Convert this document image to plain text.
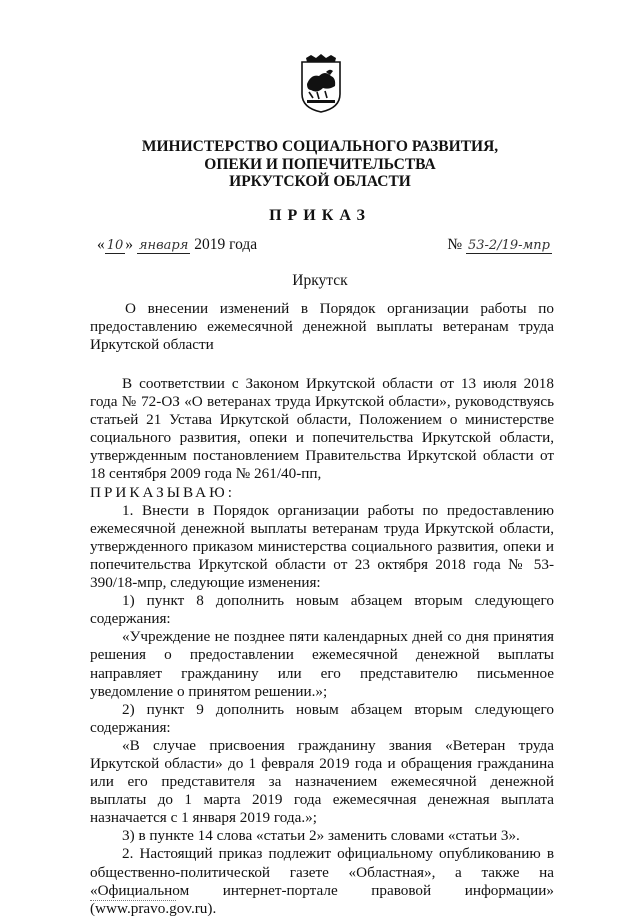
МИНИСТЕРСТВО СОЦИАЛЬНОГО РАЗВИТИЯ,
ОПЕКИ И ПОПЕЧИТЕЛЬСТВА
ИРКУТСКОЙ ОБЛАСТИ
ПРИКАЗ
« 10 » января 2019 года	№ 53-2/19-мпр
Иркутск

О внесении изменений в Порядок организации работы по предоставлению ежемесячной денежной выплаты ветеранам труда Иркутской области

В соответствии с Законом Иркутской области от 13 июля 2018 года № 72-ОЗ «О ветеранах труда Иркутской области», руководствуясь статьей 21 Устава Иркутской области, Положением о министерстве социального развития, опеки и попечительства Иркутской области, утвержденным постановлением Правительства Иркутской области от 18 сентября 2009 года № 261/40-пп,

ПРИКАЗЫВАЮ:

1. Внести в Порядок организации работы по предоставлению ежемесячной денежной выплаты ветеранам труда Иркутской области, утвержденного приказом министерства социального развития, опеки и попечительства Иркутской области от 23 октября 2018 года № 53-390/18-мпр, следующие изменения:

1) пункт 8 дополнить новым абзацем вторым следующего содержания:

«Учреждение не позднее пяти календарных дней со дня принятия решения о предоставлении ежемесячной денежной выплаты направляет гражданину или его представителю письменное уведомление о принятом решении.»;

2) пункт 9 дополнить новым абзацем вторым следующего содержания:

«В случае присвоения гражданину звания «Ветеран труда Иркутской области» до 1 февраля 2019 года и обращения гражданина или его представителя за назначением ежемесячной денежной выплаты до 1 марта 2019 года ежемесячная денежная выплата назначается с 1 января 2019 года.»;

3) в пункте 14 слова «статьи 2» заменить словами «статьи 3».

2. Настоящий приказ подлежит официальному опубликованию в общественно-политической газете «Областная», а также на «Официальном интернет-портале правовой информации» (www.pravo.gov.ru).
